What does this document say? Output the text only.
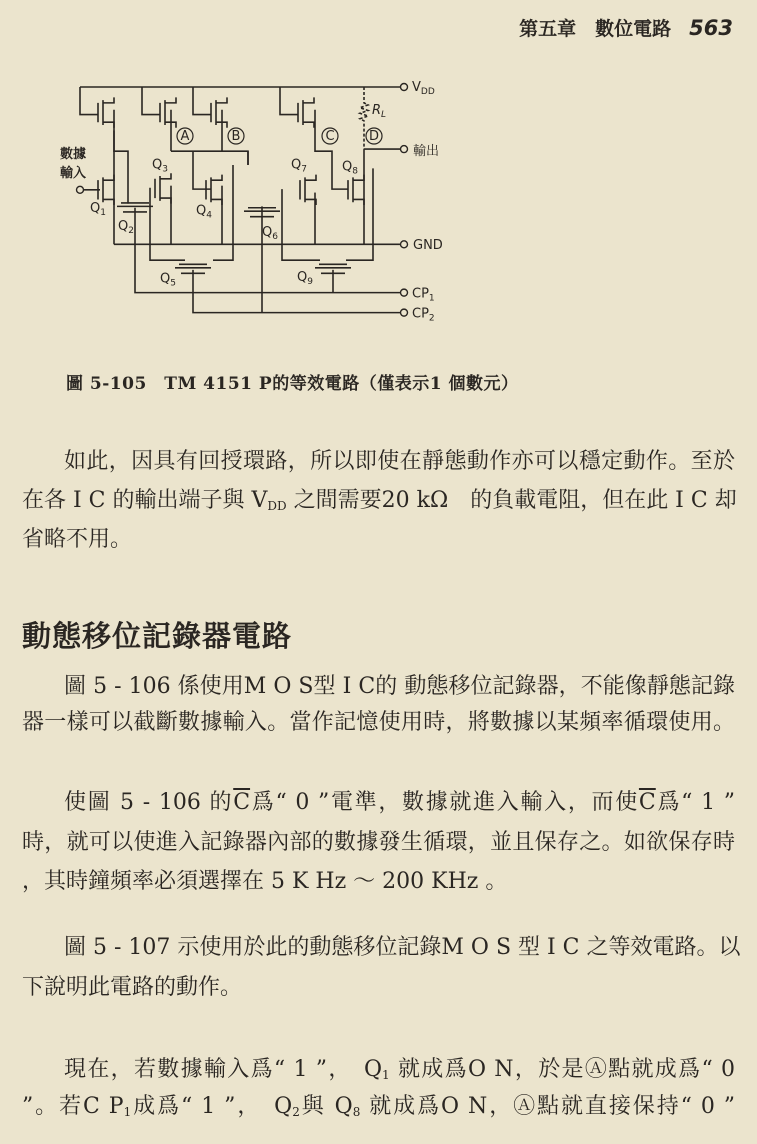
第五章　數位電路 563
$V_{DD}$
$R_L$
輸出
GND
數據
輸入
A	B	C	D
$Q_1$
$Q_2$
$Q_3$
$Q_4$
$Q_5$
$Q_6$
$Q_7$	$Q_8$
$Q_9$
$CP_1$
$CP_2$
圖 5-105　TM 4151 P的等效電路（僅表示1 個數元）
如此，因具有回授環路，所以即使在靜態動作亦可以穩定動作。至於
在各 I C 的輸出端子與 $V_{DD}$ 之間需要20 kΩ　的負載電阻，但在此 I C 却
省略不用。
動態移位記錄器電路
圖 5 - 106 係使用M O S型 I C的 動態移位記錄器，不能像靜態記錄
器一樣可以截斷數據輸入。當作記憶使用時，將數據以某頻率循環使用。
使圖 5 - 106 的$\overline{C}$爲“ 0 ”電準，數據就進入輸入，而使$\overline{C}$爲“ 1 ”
時，就可以使進入記錄器內部的數據發生循環，並且保存之。如欲保存時
，其時鐘頻率必須選擇在 5 K Hz ～ 200 KHz 。
圖 5 - 107 示使用於此的動態移位記錄M O S 型 I C 之等效電路。以
下說明此電路的動作。
現在，若數據輸入爲“ 1 ”，　$Q_1$ 就成爲O N，於是Ⓐ點就成爲“ 0
”。若C $P_1$成爲“ 1 ”，　$Q_2$與 $Q_8$ 就成爲O N，Ⓐ點就直接保持“ 0 ”
